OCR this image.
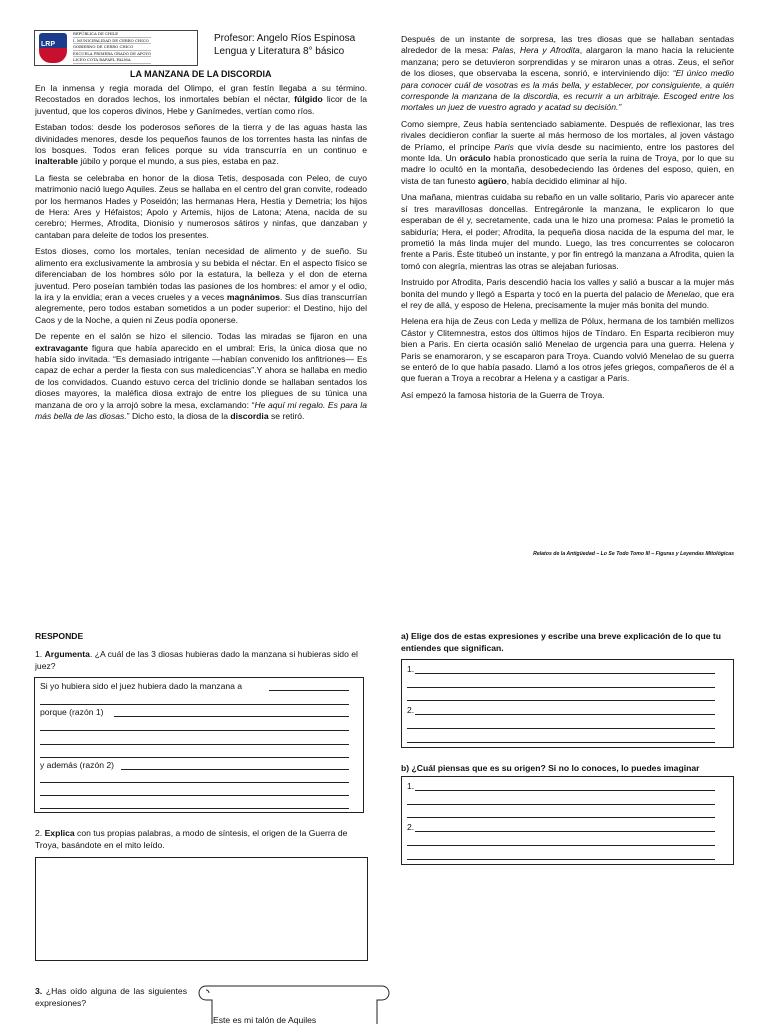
LRP
REPÚBLICA DE CHILE
I. MUNICIPALIDAD DE CERRO CHICO
GOBIERNO DE CERRO CHICO
ESCUELA PRIMERA GRADO DE APOYO
LICEO COTA RAFAEL PALMA
Profesor: Angelo Ríos Espinosa
Lengua y Literatura 8° básico
LA MANZANA DE LA DISCORDIA

En la inmensa y regia morada del Olimpo, el gran festín llegaba a su término. Recostados en dorados lechos, los inmortales bebían el néctar, fúlgido licor de la juventud, que los coperos divinos, Hebe y Ganímedes, vertían como ríos.

Estaban todos: desde los poderosos señores de la tierra y de las aguas hasta las divinidades menores, desde los pequeños faunos de los torrentes hasta las ninfas de los bosques. Todos eran felices porque su vida transcurría en un continuo e inalterable júbilo y porque el mundo, a sus pies, estaba en paz.

La fiesta se celebraba en honor de la diosa Tetis, desposada con Peleo, de cuyo matrimonio nació luego Aquiles. Zeus se hallaba en el centro del gran convite, rodeado por los hermanos Hades y Poseidón; las hermanas Hera, Hestia y Demetria; los hijos de Hera: Ares y Héfaistos; Apolo y Artemis, hijos de Latona; Atena, nacida de su cerebro; Hermes, Afrodita, Dionisio y numerosos sátiros y ninfas, que danzaban y cantaban para deleite de todos los presentes.

Estos dioses, como los mortales, tenían necesidad de alimento y de sueño. Su alimento era exclusivamente la ambrosía y su bebida el néctar. En el aspecto físico se diferenciaban de los hombres sólo por la estatura, la belleza y el don de eterna juventud. Pero poseían también todas las pasiones de los hombres: el amor y el odio, la ira y la envidia; eran a veces crueles y a veces magnánimos. Sus días transcurrían alegremente, pero todos estaban sometidos a un poder superior: el Destino, hijo del Caos y de la Noche, a quien ni Zeus podía oponerse.

De repente en el salón se hizo el silencio. Todas las miradas se fijaron en una extravagante figura que había aparecido en el umbral: Eris, la única diosa que no había sido invitada. “Es demasiado intrigante —habían convenido los anfitriones— Es capaz de echar a perder la fiesta con sus maledicencias”.Y ahora se hallaba en medio de los convidados. Cuando estuvo cerca del triclinio donde se hallaban sentados los dioses mayores, la maléfica diosa extrajo de entre los pliegues de su túnica una manzana de oro y la arrojó sobre la mesa, exclamando: “He aquí mi regalo. Es para la más bella de las diosas.” Dicho esto, la diosa de la discordia se retiró.

Después de un instante de sorpresa, las tres diosas que se hallaban sentadas alrededor de la mesa: Palas, Hera y Afrodita, alargaron la mano hacia la reluciente manzana; pero se detuvieron sorprendidas y se miraron unas a otras. Zeus, el señor de los dioses, que observaba la escena, sonrió, e interviniendo dijo: “El único medio para conocer cuál de vosotras es la más bella, y establecer, por consiguiente, a quién corresponde la manzana de la discordia, es recurrir a un arbitraje. Escoged entre los mortales un juez de vuestro agrado y acatad su decisión.”

Como siempre, Zeus había sentenciado sabiamente. Después de reflexionar, las tres rivales decidieron confiar la suerte al más hermoso de los mortales, al joven vástago de Príamo, el príncipe Paris que vivía desde su nacimiento, entre los pastores del monte Ida. Un oráculo había pronosticado que sería la ruina de Troya, por lo que su madre lo ocultó en la montaña, desobedeciendo las órdenes del esposo, quien, en vista de tan funesto agüero, había decidido eliminar al hijo.

Una mañana, mientras cuidaba su rebaño en un valle solitario, Paris vio aparecer ante sí tres maravillosas doncellas. Entregáronle la manzana, le explicaron lo que esperaban de él y, secretamente, cada una le hizo una promesa: Palas le prometió la sabiduría; Hera, el poder; Afrodita, la pequeña diosa nacida de la espuma del mar, le prometió la más linda mujer del mundo. Luego, las tres concurrentes se colocaron frente a Paris. Éste titubeó un instante, y por fin entregó la manzana a Afrodita, quien la tomó con alegría, mientras las otras se alejaban furiosas.

Instruido por Afrodita, Paris descendió hacia los valles y salió a buscar a la mujer más bonita del mundo y llegó a Esparta y tocó en la puerta del palacio de Menelao, que era el rey de allá, y esposo de Helena, precisamente la mujer más bonita del mundo.

Helena era hija de Zeus con Leda y melliza de Pólux, hermana de los también mellizos Cástor y Clitemnestra, estos dos últimos hijos de Tíndaro. En Esparta recibieron muy bien a Paris. En cierta ocasión salió Menelao de urgencia para una guerra. Helena y Paris se enamoraron, y se escaparon para Troya. Cuando volvió Menelao de su guerra se enteró de lo que había pasado. Llamó a los otros jefes griegos, compañeros de él a que fueran a Troya a recobrar a Helena y a castigar a Paris.

Así empezó la famosa historia de la Guerra de Troya.

Relatos de la Antigüedad – Lo Se Todo Tomo III – Figuras y Leyendas Mitológicas
RESPONDE
1. Argumenta. ¿A cuál de las 3 diosas hubieras dado la manzana si hubieras sido el juez?
Si yo hubiera sido el juez hubiera dado la manzana a
porque (razón 1)
y además (razón 2)
2. Explica con tus propias palabras, a modo de síntesis, el origen de la Guerra de Troya, basándote en el mito leído.
3. ¿Has oído alguna de las siguientes expresiones?
Este es mi talón de Aquiles
a) Elige dos de estas expresiones y escribe una breve explicación de lo que tu entiendes que significan.
1.
2.
b) ¿Cuál piensas que es su origen? Si no lo conoces, lo puedes imaginar
1.
2.
